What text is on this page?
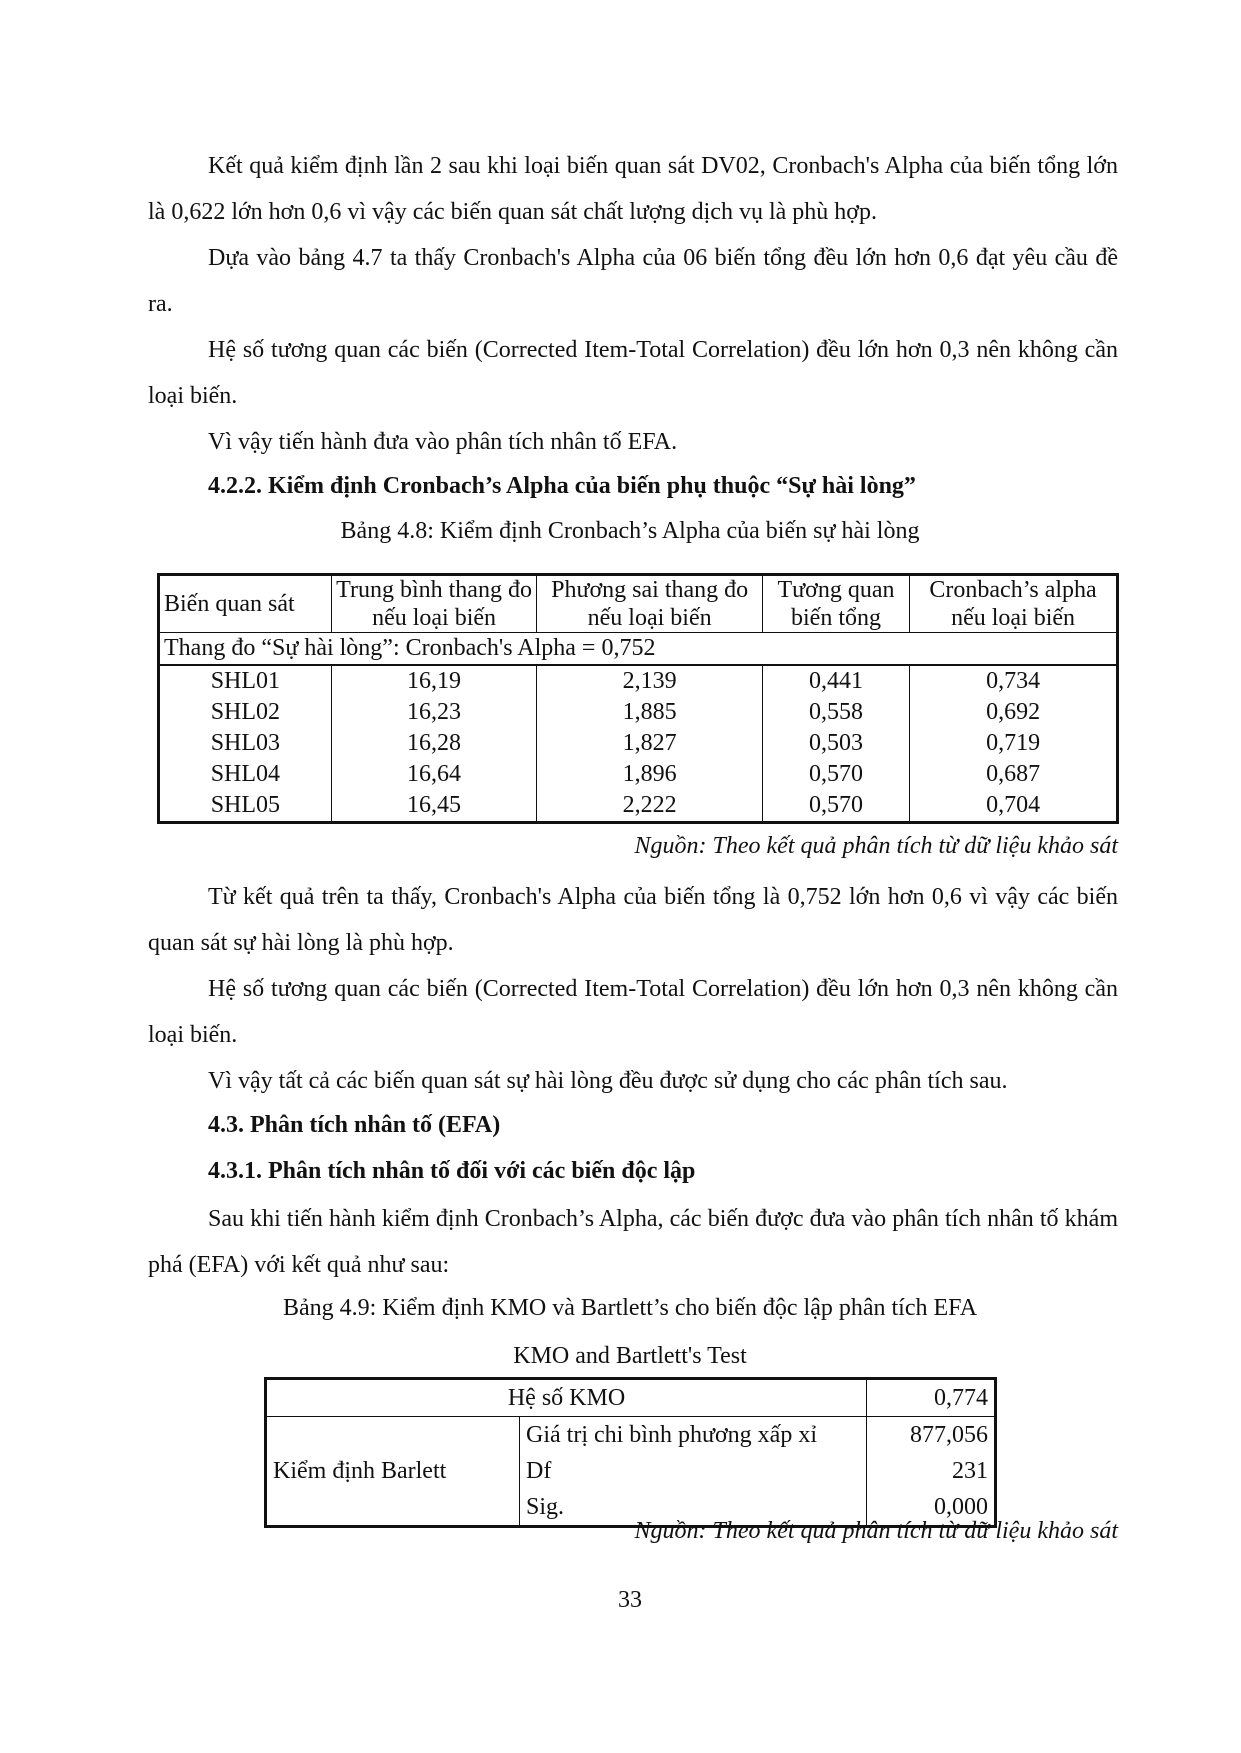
Kết quả kiểm định lần 2 sau khi loại biến quan sát DV02, Cronbach's Alpha của biến tổng lớn là 0,622 lớn hơn 0,6 vì vậy các biến quan sát chất lượng dịch vụ là phù hợp.

Dựa vào bảng 4.7 ta thấy Cronbach's Alpha của 06 biến tổng đều lớn hơn 0,6 đạt yêu cầu đề ra.

Hệ số tương quan các biến (Corrected Item-Total Correlation) đều lớn hơn 0,3 nên không cần loại biến.

Vì vậy tiến hành đưa vào phân tích nhân tố EFA.

4.2.2. Kiểm định Cronbach’s Alpha của biến phụ thuộc “Sự hài lòng”

Bảng 4.8: Kiểm định Cronbach’s Alpha của biến sự hài lòng

Biến quan sát	Trung bình thang đo nếu loại biến	Phương sai thang đo nếu loại biến	Tương quan biến tổng	Cronbach’s alpha nếu loại biến
Thang đo “Sự hài lòng”: Cronbach's Alpha = 0,752				
SHL01	16,19	2,139	0,441	0,734
SHL02	16,23	1,885	0,558	0,692
SHL03	16,28	1,827	0,503	0,719
SHL04	16,64	1,896	0,570	0,687
SHL05	16,45	2,222	0,570	0,704

Nguồn: Theo kết quả phân tích từ dữ liệu khảo sát

Từ kết quả trên ta thấy, Cronbach's Alpha của biến tổng là 0,752 lớn hơn 0,6 vì vậy các biến quan sát sự hài lòng là phù hợp.

Hệ số tương quan các biến (Corrected Item-Total Correlation) đều lớn hơn 0,3 nên không cần loại biến.

Vì vậy tất cả các biến quan sát sự hài lòng đều được sử dụng cho các phân tích sau.

4.3. Phân tích nhân tố (EFA)

4.3.1. Phân tích nhân tố đối với các biến độc lập

Sau khi tiến hành kiểm định Cronbach’s Alpha, các biến được đưa vào phân tích nhân tố khám phá (EFA) với kết quả như sau:

Bảng 4.9: Kiểm định KMO và Bartlett’s cho biến độc lập phân tích EFA

KMO and Bartlett's Test

Hệ số KMO		0,774
Kiểm định Barlett	Giá trị chi bình phương xấp xỉ	877,056
	Df	231
	Sig.	0,000

Nguồn: Theo kết quả phân tích từ dữ liệu khảo sát

33
